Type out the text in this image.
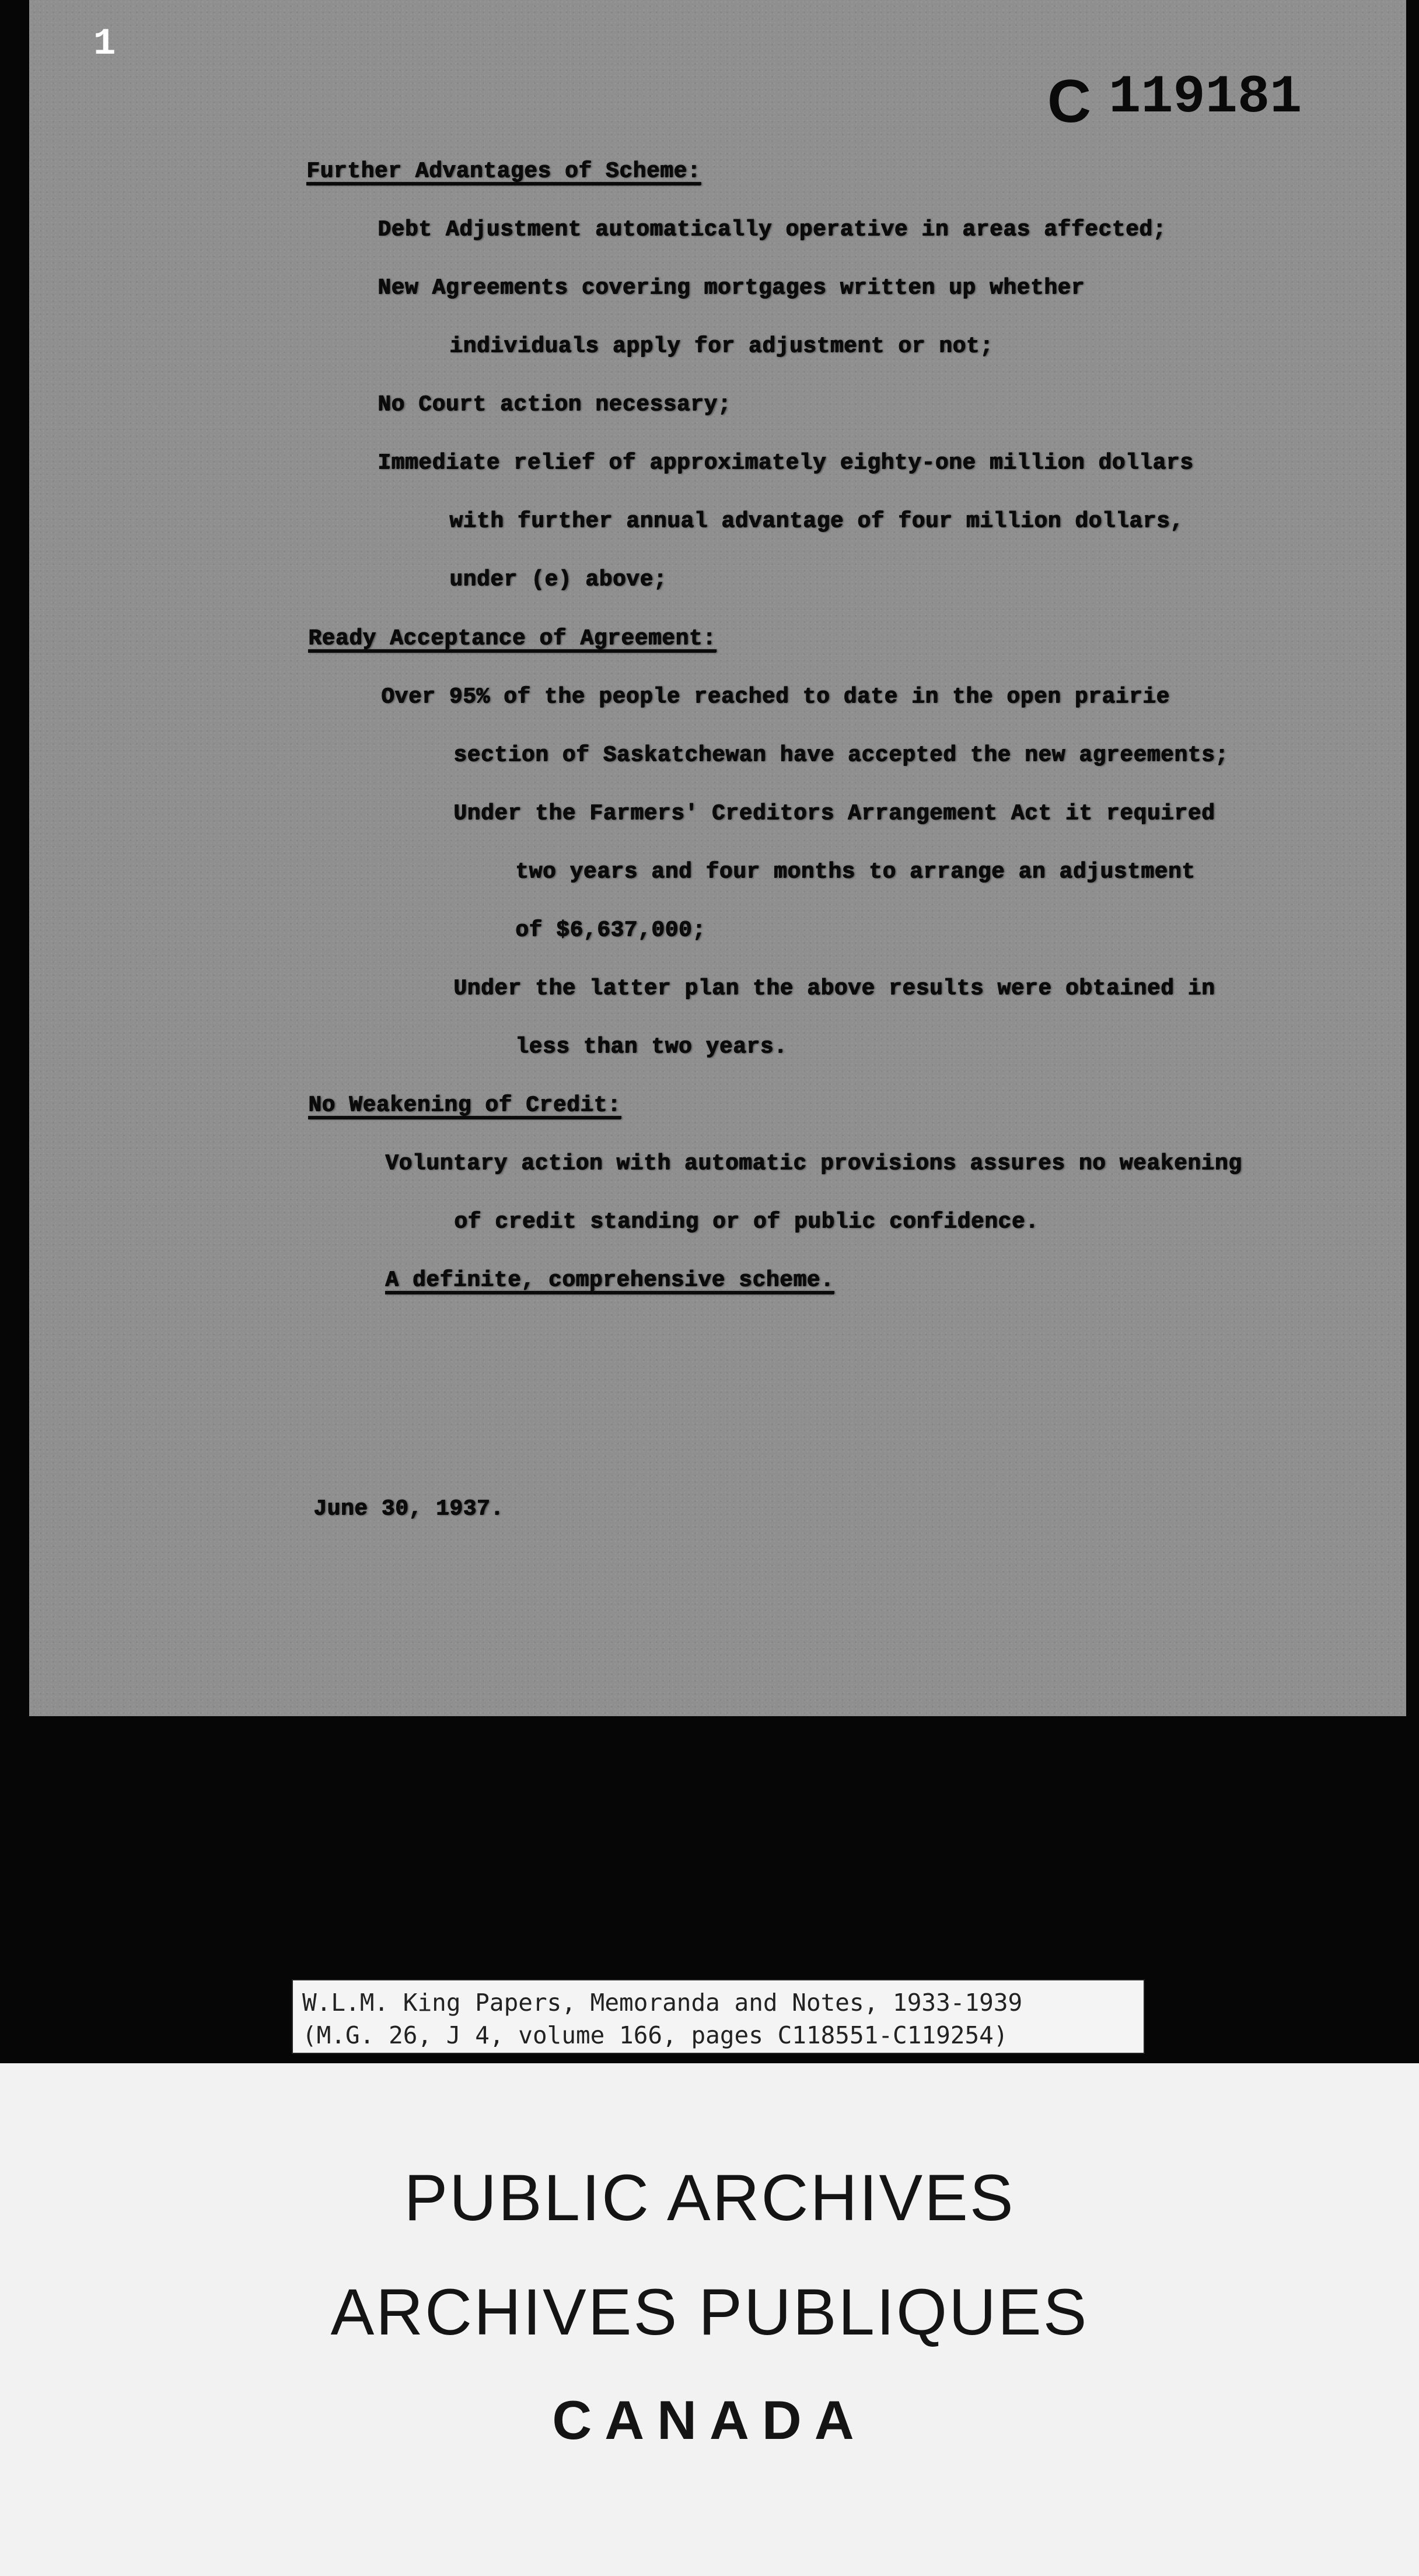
1
C 119181
Further Advantages of Scheme:
Debt Adjustment automatically operative in areas affected;
New Agreements covering mortgages written up whether
individuals apply for adjustment or not;
No Court action necessary;
Immediate relief of approximately eighty-one million dollars
with further annual advantage of four million dollars,
under (e) above;
Ready Acceptance of Agreement:
Over 95% of the people reached to date in the open prairie
section of Saskatchewan have accepted the new agreements;
Under the Farmers' Creditors Arrangement Act it required
two years and four months to arrange an adjustment
of $6,637,000;
Under the latter plan the above results were obtained in
less than two years.
No Weakening of Credit:
Voluntary action with automatic provisions assures no weakening
of credit standing or of public confidence.
A definite, comprehensive scheme.
June 30, 1937.
W.L.M. King Papers, Memoranda and Notes, 1933-1939
(M.G. 26, J 4, volume 166, pages C118551-C119254)
PUBLIC ARCHIVES
ARCHIVES PUBLIQUES
CANADA
